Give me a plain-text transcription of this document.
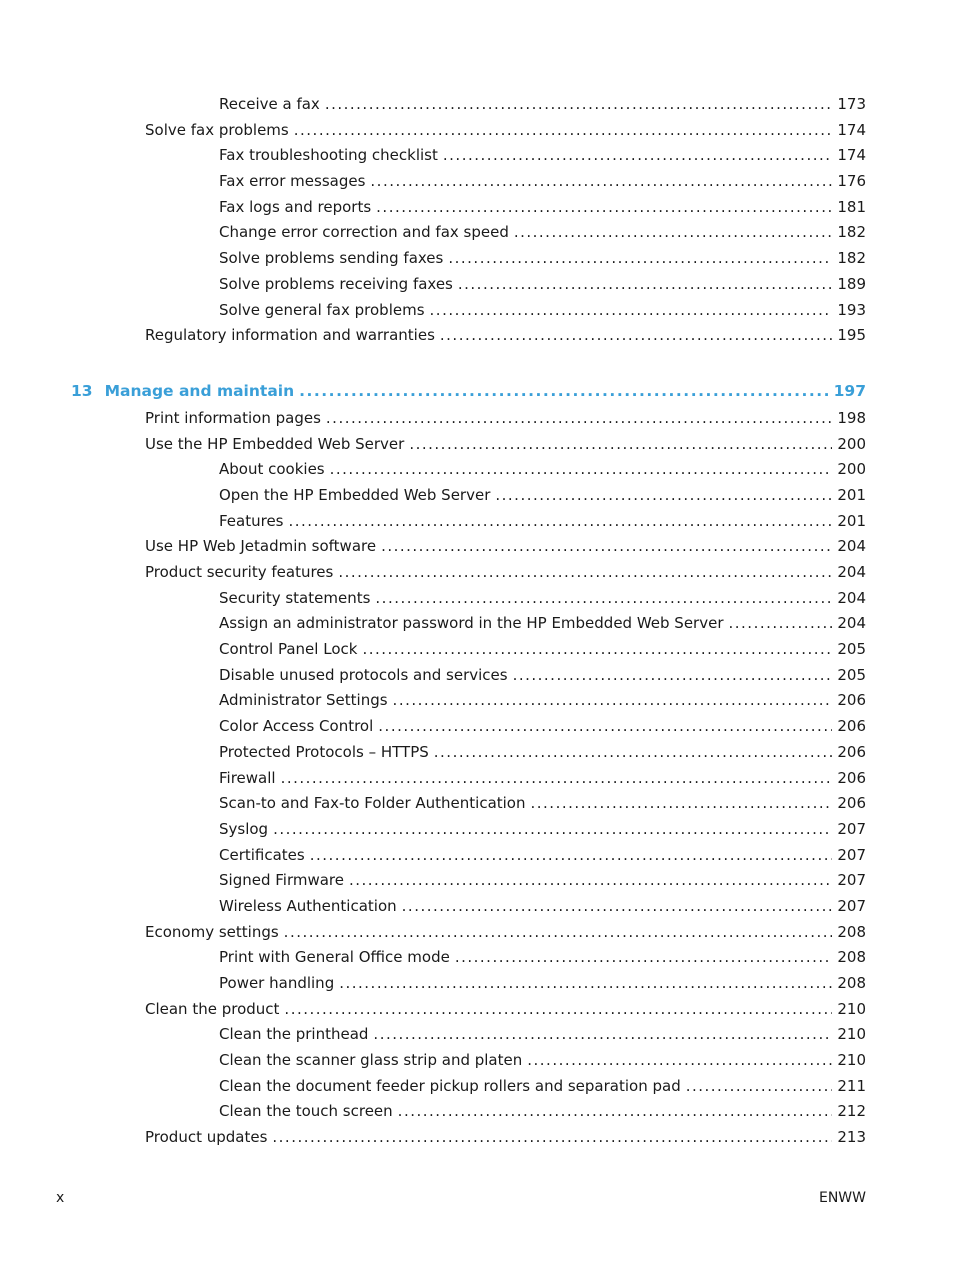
Receive a fax .....	173
Solve fax problems .....	174
Fax troubleshooting checklist .....	174
Fax error messages .....	176
Fax logs and reports .....	181
Change error correction and fax speed .....	182
Solve problems sending faxes .....	182
Solve problems receiving faxes .....	189
Solve general fax problems .....	193
Regulatory information and warranties .....	195
13 Manage and maintain .....	197
Print information pages .....	198
Use the HP Embedded Web Server .....	200
About cookies .....	200
Open the HP Embedded Web Server .....	201
Features .....	201
Use HP Web Jetadmin software .....	204
Product security features .....	204
Security statements .....	204
Assign an administrator password in the HP Embedded Web Server .....	204
Control Panel Lock .....	205
Disable unused protocols and services .....	205
Administrator Settings .....	206
Color Access Control .....	206
Protected Protocols – HTTPS .....	206
Firewall .....	206
Scan-to and Fax-to Folder Authentication .....	206
Syslog .....	207
Certificates .....	207
Signed Firmware .....	207
Wireless Authentication .....	207
Economy settings .....	208
Print with General Office mode .....	208
Power handling .....	208
Clean the product .....	210
Clean the printhead .....	210
Clean the scanner glass strip and platen .....	210
Clean the document feeder pickup rollers and separation pad .....	211
Clean the touch screen .....	212
Product updates .....	213
x	ENWW
